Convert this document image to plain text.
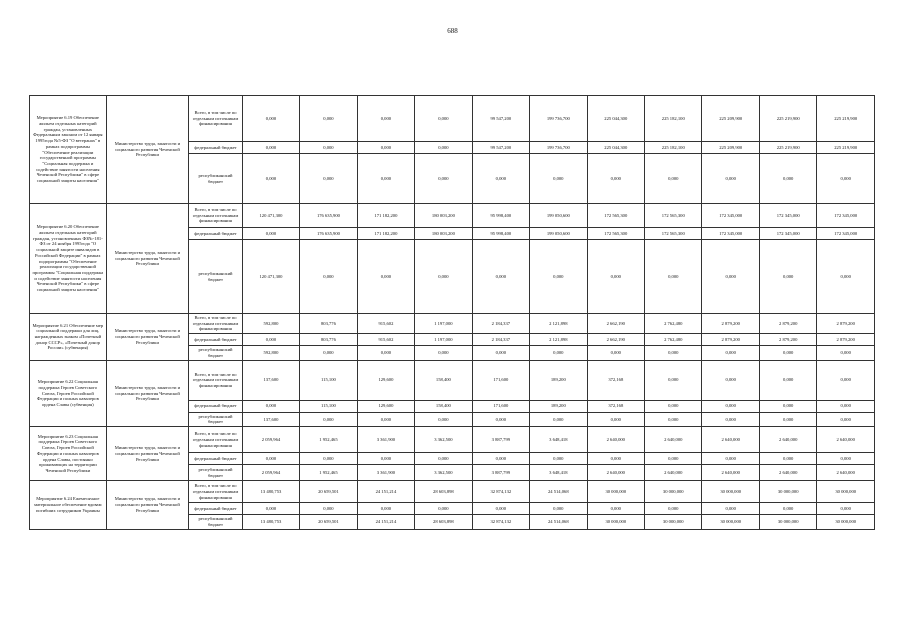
688
Мероприятие 6.19 Обеспечение жильем отдельных категорий граждан, установленных Федеральным законом от 12 января 1995года №5-ФЗ "О ветеранах" в рамках подпрограммы "Обеспечение реализации государственной программы "Социальная поддержка и содействие занятости населения Чеченской Республики" в сфере социальной защиты населения"	Министерство труда, занятости и социального развития Чеченской Республики	Всего, в том числе по отдельным источникам финансирования	0,000	0,000	0,000	0,000	99 547,200	199 736,700	225 044,300	225 182,100	225 209,900	225 219,900	225 219,900
		федеральный бюджет	0,000	0,000	0,000	0,000	99 547,200	199 736,700	225 044,300	225 182,100	225 209,900	225 219,900	225 219,900
		республиканский бюджет	0,000	0,000	0,000	0,000	0,000	0,000	0,000	0,000	0,000	0,000	0,000
Мероприятие 6.20 Обеспечение жильем отдельных категорий граждан, установленных ФЗ№-181-ФЗ от 24 ноября 1995года "О социальной защите инвалидов в Российской Федерации" в рамках подпрограммы "Обеспечение реализации государственной программы "Социальная поддержка и содействие занятости населения Чеченской Республики" в сфере социальной защиты населения"	Министерство труда, занятости и социального развития Чеченской Республики	Всего, в том числе по отдельным источникам финансирования	120 471,300	176 635,900	171 182,200	180 003,200	95 998,400	199 050,600	172 565,300	172 565,300	172 345,000	172 345,000	172 345,000
		федеральный бюджет	0,000	176 635,900	171 182,200	180 003,200	95 998,400	199 050,600	172 565,300	172 565,300	172 345,000	172 345,000	172 345,000
		республиканский бюджет	120 471,300	0,000	0,000	0,000	0,000	0,000	0,000	0,000	0,000	0,000	0,000
Мероприятие 6.21 Обеспечение мер социальной поддержки для лиц, награжденных знаком «Почетный донор СССР», «Почетный донор России» (субвенция)	Министерство труда, занятости и социального развития Чеченской Республики	Всего, в том числе по отдельным источникам финансирования	592,800	803,776	915,602	1 197,000	2 184,337	2 121,898	2 662,190	2 762,480	2 879,200	2 879,200	2 879,200
		федеральный бюджет	0,000	803,776	915,602	1 197,000	2 184,337	2 121,898	2 662,190	2 762,480	2 879,200	2 879,200	2 879,200
		республиканский бюджет	592,800	0,000	0,000	0,000	0,000	0,000	0,000	0,000	0,000	0,000	0,000
Мероприятие 6.22 Социальная поддержка Героев Советского Союза, Героев Российской Федерации и полных кавалеров ордена Славы (субвенция)	Министерство труда, занятости и социального развития Чеченской Республики	Всего, в том числе по отдельным источникам финансирования	137,600	115,100	129,600	158,400	171,600	189,200	372,168	0,000	0,000	0,000	0,000
		федеральный бюджет	0,000	115,100	129,600	158,400	171,600	189,200	372,168	0,000	0,000	0,000	0,000
		республиканский бюджет	137,600	0,000	0,000	0,000	0,000	0,000	0,000	0,000	0,000	0,000	0,000
Мероприятие 6.23 Социальная поддержка Героев Советского Союза, Героев Российской Федерации и полных кавалеров ордена Славы, постоянно проживающих на территории Чеченской Республики	Министерство труда, занятости и социального развития Чеченской Республики	Всего, в том числе по отдельным источникам финансирования	2 059,964	1 952,465	3 361,900	3 362,500	3 887,799	3 648,418	2 640,000	2 640,000	2 640,000	2 640,000	2 640,000
		федеральный бюджет	0,000	0,000	0,000	0,000	0,000	0,000	0,000	0,000	0,000	0,000	0,000
		республиканский бюджет	2 059,964	1 952,465	3 361,900	3 362,500	3 887,799	3 648,418	2 640,000	2 640,000	2 640,000	2 640,000	2 640,000
Мероприятие 6.24 Ежемесячное материальное обеспечение вдовам погибших сотрудников Украины	Министерство труда, занятости и социального развития Чеченской Республики	Всего, в том числе по отдельным источникам финансирования	13 480,753	20 659,501	24 151,214	28 603,898	32 874,132	24 514,068	30 000,000	30 000,000	30 000,000	30 000,000	30 000,000
		федеральный бюджет	0,000	0,000	0,000	0,000	0,000	0,000	0,000	0,000	0,000	0,000	0,000
		республиканский бюджет	13 480,753	20 659,501	24 151,214	28 603,898	32 874,132	24 514,068	30 000,000	30 000,000	30 000,000	30 000,000	30 000,000
